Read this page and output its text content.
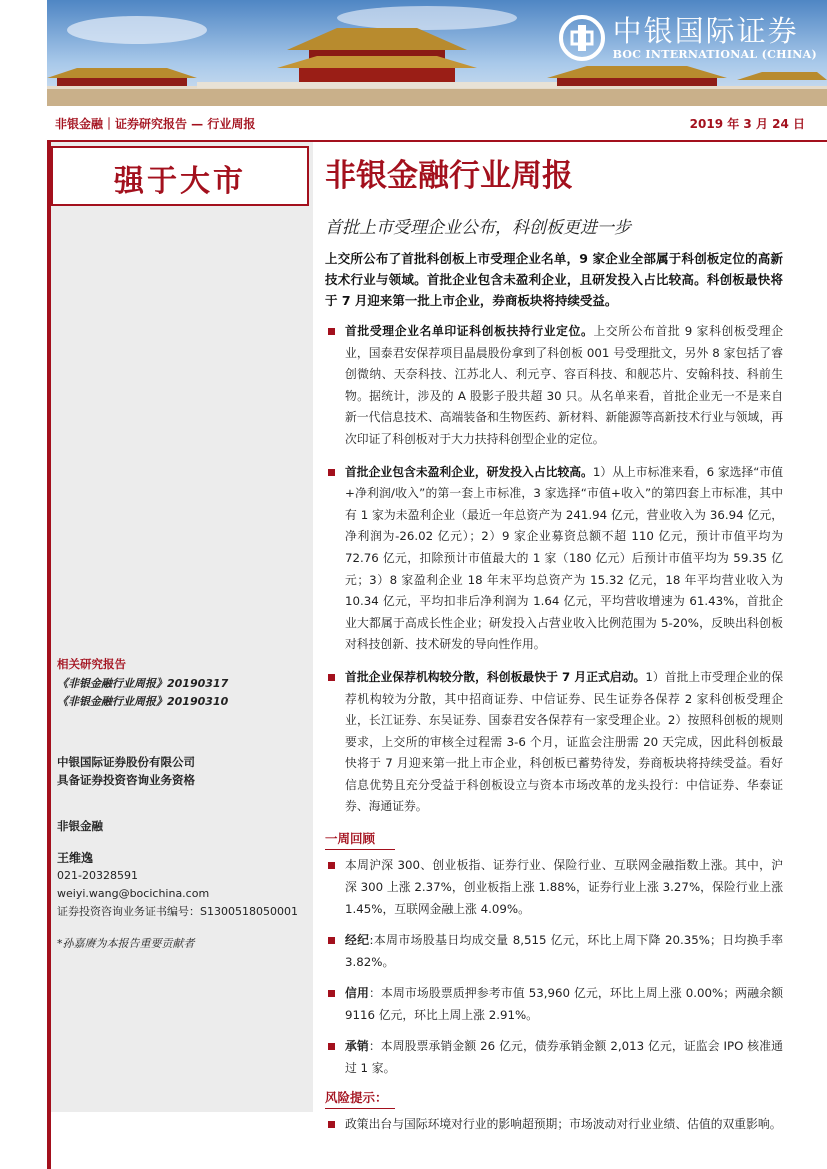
中银国际证券
BOC INTERNATIONAL (CHINA)
非银金融｜证券研究报告 — 行业周报	2019 年 3 月 24 日
强于大市
相关研究报告
《非银金融行业周报》20190317
《非银金融行业周报》20190310
中银国际证券股份有限公司
具备证券投资咨询业务资格
非银金融
王维逸
021-20328591
weiyi.wang@bocichina.com
证券投资咨询业务证书编号：S1300518050001
*孙嘉赓为本报告重要贡献者
非银金融行业周报
首批上市受理企业公布，科创板更进一步

上交所公布了首批科创板上市受理企业名单，9 家企业全部属于科创板定位的高新技术行业与领域。首批企业包含未盈利企业，且研发投入占比较高。科创板最快将于 7 月迎来第一批上市企业，券商板块将持续受益。

首批受理企业名单印证科创板扶持行业定位。上交所公布首批 9 家科创板受理企业，国泰君安保荐项目晶晨股份拿到了科创板 001 号受理批文，另外 8 家包括了睿创微纳、天奈科技、江苏北人、利元亨、容百科技、和舰芯片、安翰科技、科前生物。据统计，涉及的 A 股影子股共超 30 只。从名单来看，首批企业无一不是来自新一代信息技术、高端装备和生物医药、新材料、新能源等高新技术行业与领域，再次印证了科创板对于大力扶持科创型企业的定位。
首批企业包含未盈利企业，研发投入占比较高。1）从上市标准来看，6 家选择“市值+净利润/收入”的第一套上市标准，3 家选择“市值+收入”的第四套上市标准，其中有 1 家为未盈利企业（最近一年总资产为 241.94 亿元，营业收入为 36.94 亿元，净利润为-26.02 亿元）；2）9 家企业募资总额不超 110 亿元，预计市值平均为 72.76 亿元，扣除预计市值最大的 1 家（180 亿元）后预计市值平均为 59.35 亿元；3）8 家盈利企业 18 年末平均总资产为 15.32 亿元，18 年平均营业收入为 10.34 亿元，平均扣非后净利润为 1.64 亿元，平均营收增速为 61.43%，首批企业大都属于高成长性企业；研发投入占营业收入比例范围为 5-20%，反映出科创板对科技创新、技术研发的导向性作用。
首批企业保荐机构较分散，科创板最快于 7 月正式启动。1）首批上市受理企业的保荐机构较为分散，其中招商证券、中信证券、民生证券各保荐 2 家科创板受理企业，长江证券、东吴证券、国泰君安各保荐有一家受理企业。2）按照科创板的规则要求，上交所的审核全过程需 3-6 个月，证监会注册需 20 天完成，因此科创板最快将于 7 月迎来第一批上市企业，科创板已蓄势待发，券商板块将持续受益。看好信息优势且充分受益于科创板设立与资本市场改革的龙头投行：中信证券、华泰证券、海通证券。
一周回顾
本周沪深 300、创业板指、证券行业、保险行业、互联网金融指数上涨。其中，沪深 300 上涨 2.37%，创业板指上涨 1.88%，证券行业上涨 3.27%，保险行业上涨 1.45%，互联网金融上涨 4.09%。
经纪:本周市场股基日均成交量 8,515 亿元，环比上周下降 20.35%；日均换手率 3.82%。
信用：本周市场股票质押参考市值 53,960 亿元，环比上周上涨 0.00%；两融余额 9116 亿元，环比上周上涨 2.91%。
承销：本周股票承销金额 26 亿元，债券承销金额 2,013 亿元，证监会 IPO 核准通过 1 家。
风险提示：
政策出台与国际环境对行业的影响超预期；市场波动对行业业绩、估值的双重影响。
